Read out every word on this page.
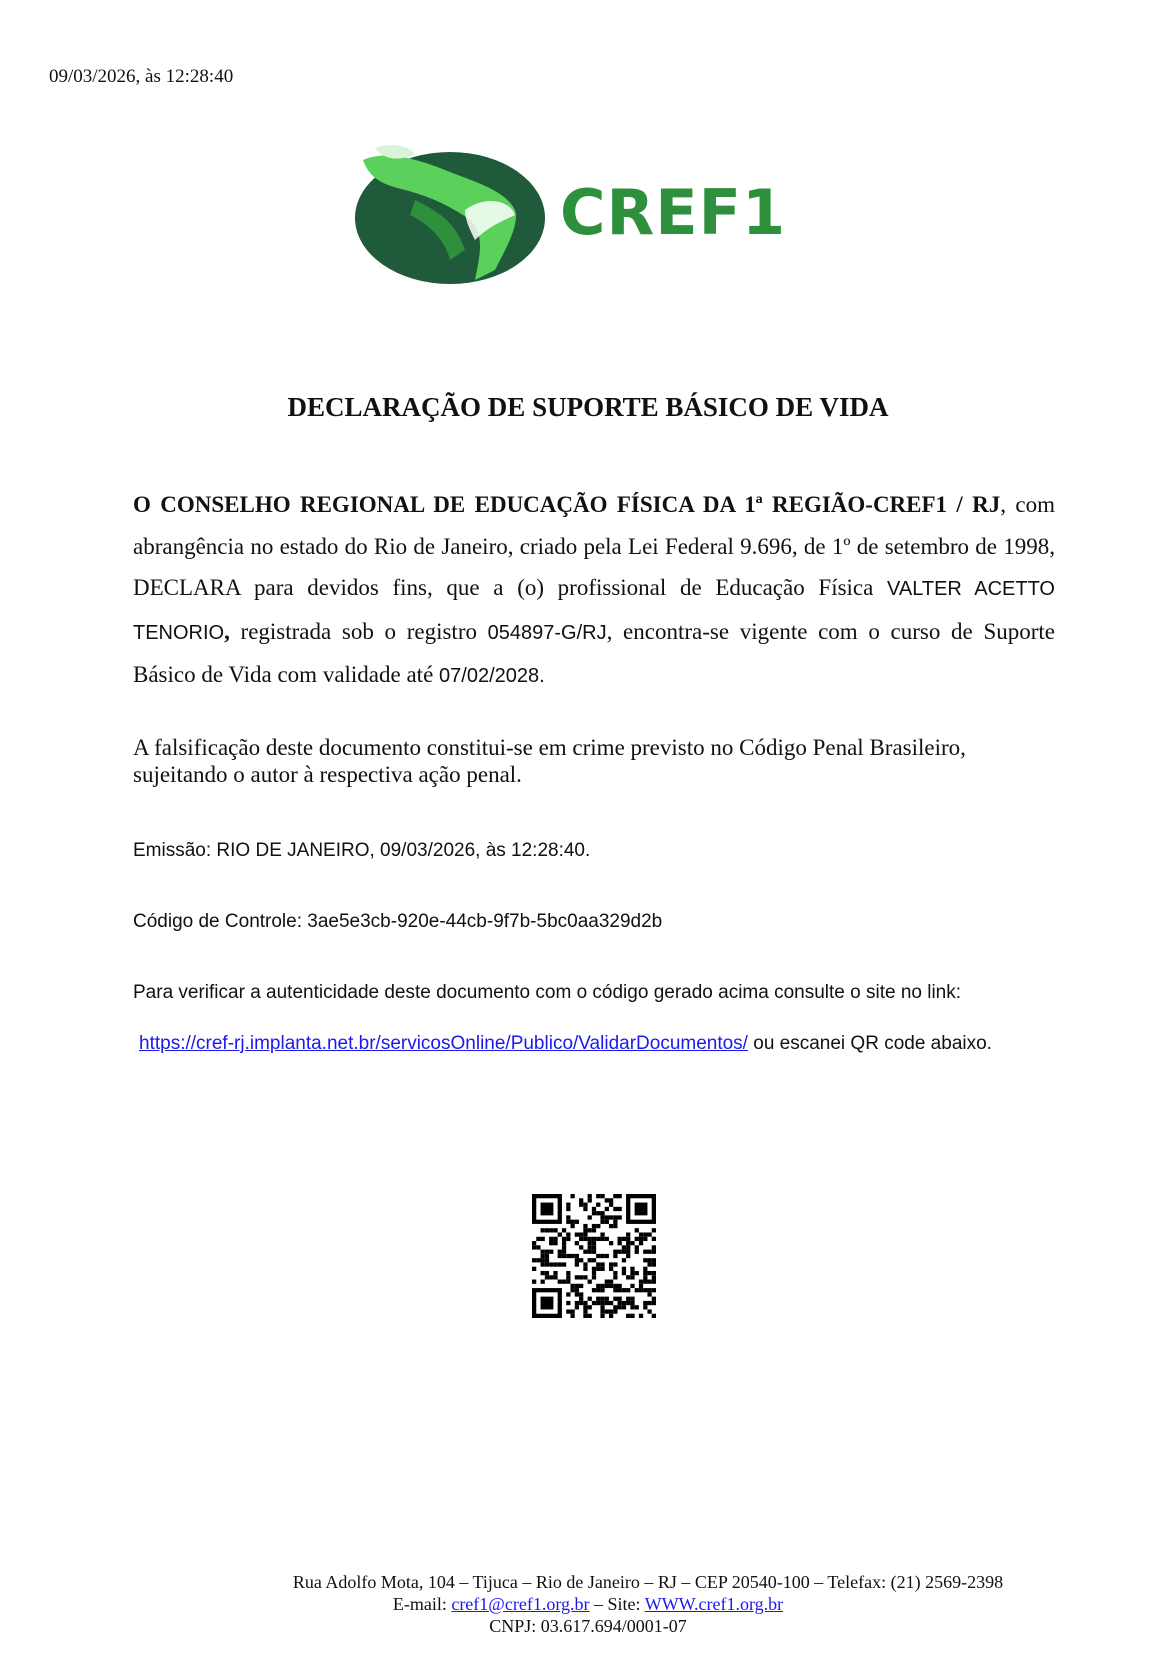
09/03/2026, às 12:28:40
CREF1
DECLARAÇÃO DE SUPORTE BÁSICO DE VIDA
O CONSELHO REGIONAL DE EDUCAÇÃO FÍSICA DA 1ª REGIÃO-CREF1 / RJ, com abrangência no estado do Rio de Janeiro, criado pela Lei Federal 9.696, de 1º de setembro de 1998, DECLARA para devidos fins, que a (o) profissional de Educação Física VALTER ACETTO TENORIO, registrada sob o registro 054897-G/RJ, encontra-se vigente com o curso de Suporte Básico de Vida com validade até 07/02/2028.
A falsificação deste documento constitui-se em crime previsto no Código Penal Brasileiro, sujeitando o autor à respectiva ação penal.
Emissão: RIO DE JANEIRO, 09/03/2026, às 12:28:40.
Código de Controle: 3ae5e3cb-920e-44cb-9f7b-5bc0aa329d2b
Para verificar a autenticidade deste documento com o código gerado acima consulte o site no link:
https://cref-rj.implanta.net.br/servicosOnline/Publico/ValidarDocumentos/ ou escanei QR code abaixo.
Rua Adolfo Mota, 104 – Tijuca – Rio de Janeiro – RJ – CEP 20540-100 – Telefax: (21) 2569-2398
E-mail: cref1@cref1.org.br – Site: WWW.cref1.org.br
CNPJ: 03.617.694/0001-07
